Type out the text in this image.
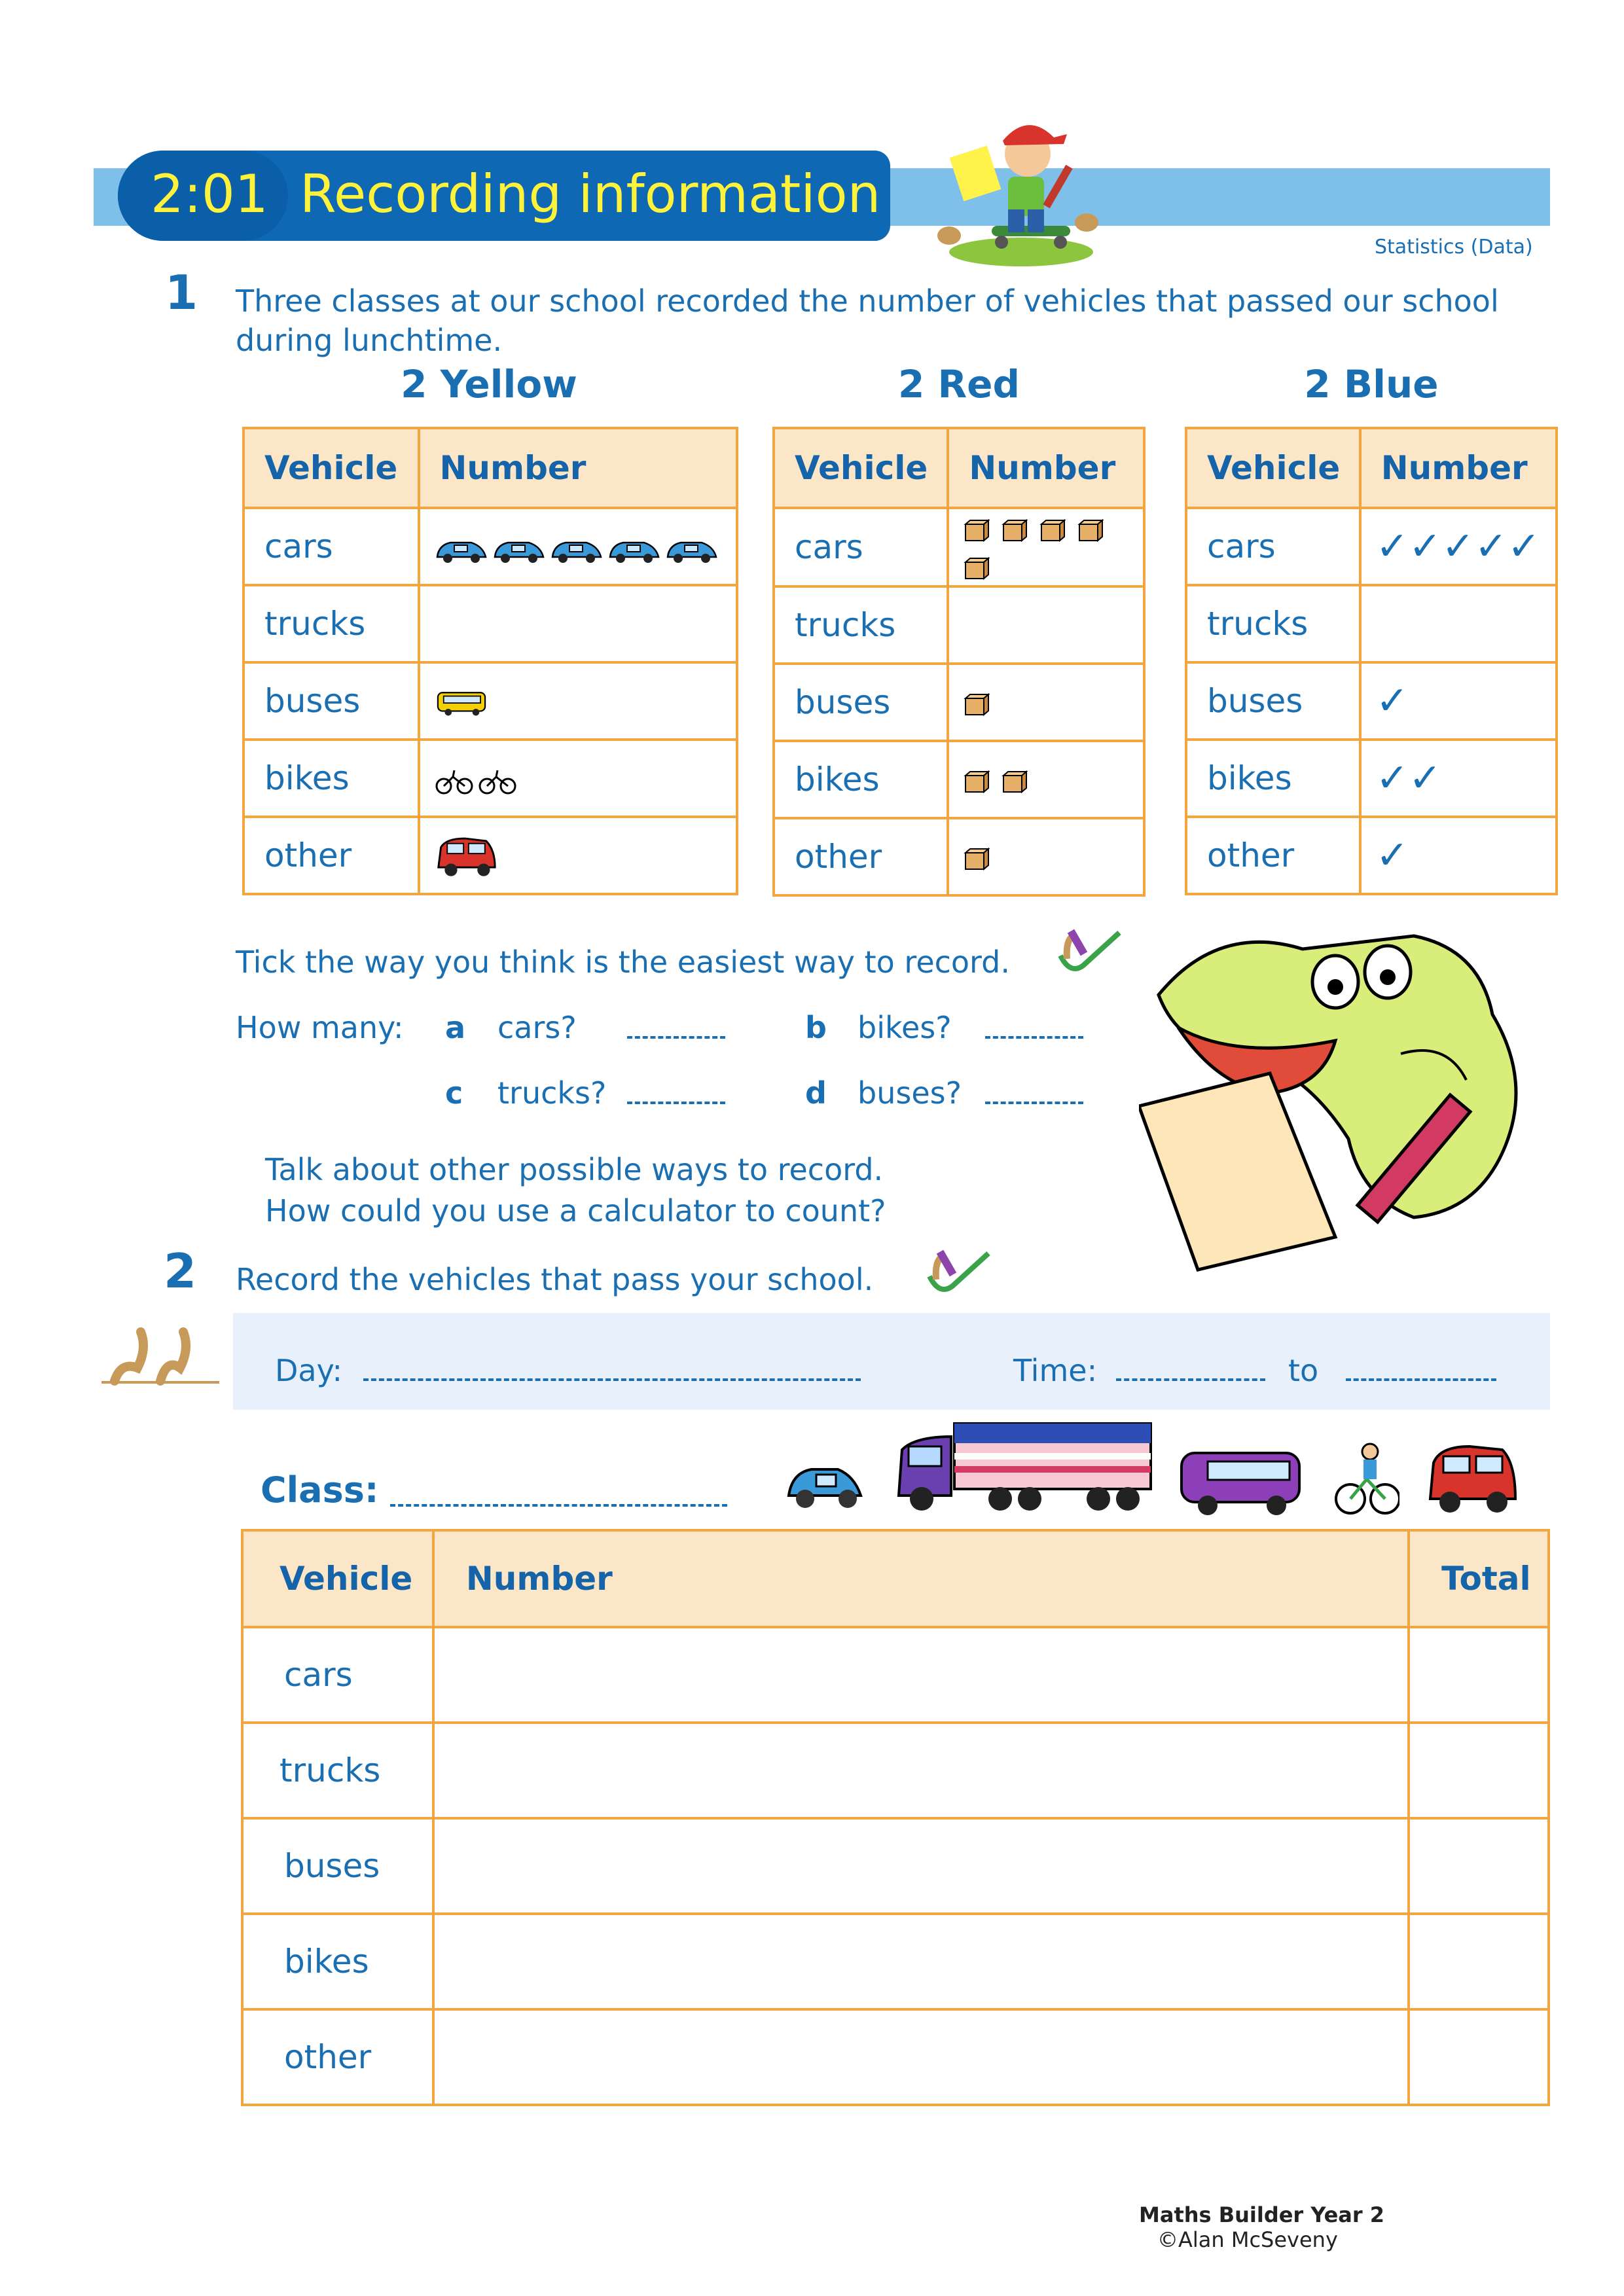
2:01 Recording information
Statistics (Data)
1 Three classes at our school recorded the number of vehicles that passed our school during lunchtime.
2 Yellow	2 Red	2 Blue
Vehicle	Number
cars	
trucks	
buses	
bikes	
other	
Vehicle	Number
cars	
trucks	
buses	
bikes	
other	
Vehicle	Number
cars	✓✓✓✓✓
trucks	
buses	✓
bikes	✓✓
other	✓
Tick the way you think is the easiest way to record.
How many: a cars?	b bikes?
c trucks?	d buses?
Talk about other possible ways to record.
How could you use a calculator to count?
2 Record the vehicles that pass your school.
Day:	Time:	to
Class:
Vehicle	Number	Total
cars		
trucks		
buses		
bikes		
other		
Maths Builder Year 2
©Alan McSeveny
